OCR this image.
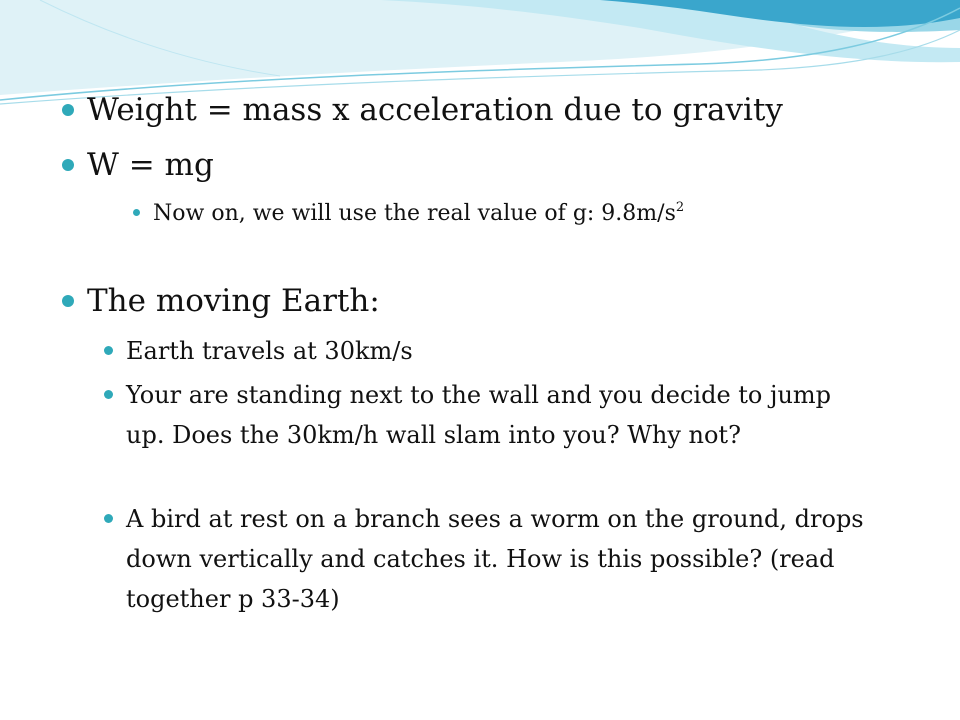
Weight = mass x acceleration due to gravity
W = mg
Now on, we will use the real value of g: $9.8m/s^2$
The moving Earth:
Earth travels at 30km/s
Your are standing next to the wall and you decide to jump up. Does the 30km/h wall slam into you? Why not?
A bird at rest on a branch sees a worm on the ground, drops down vertically and catches it. How is this possible? (read together p 33-34)
